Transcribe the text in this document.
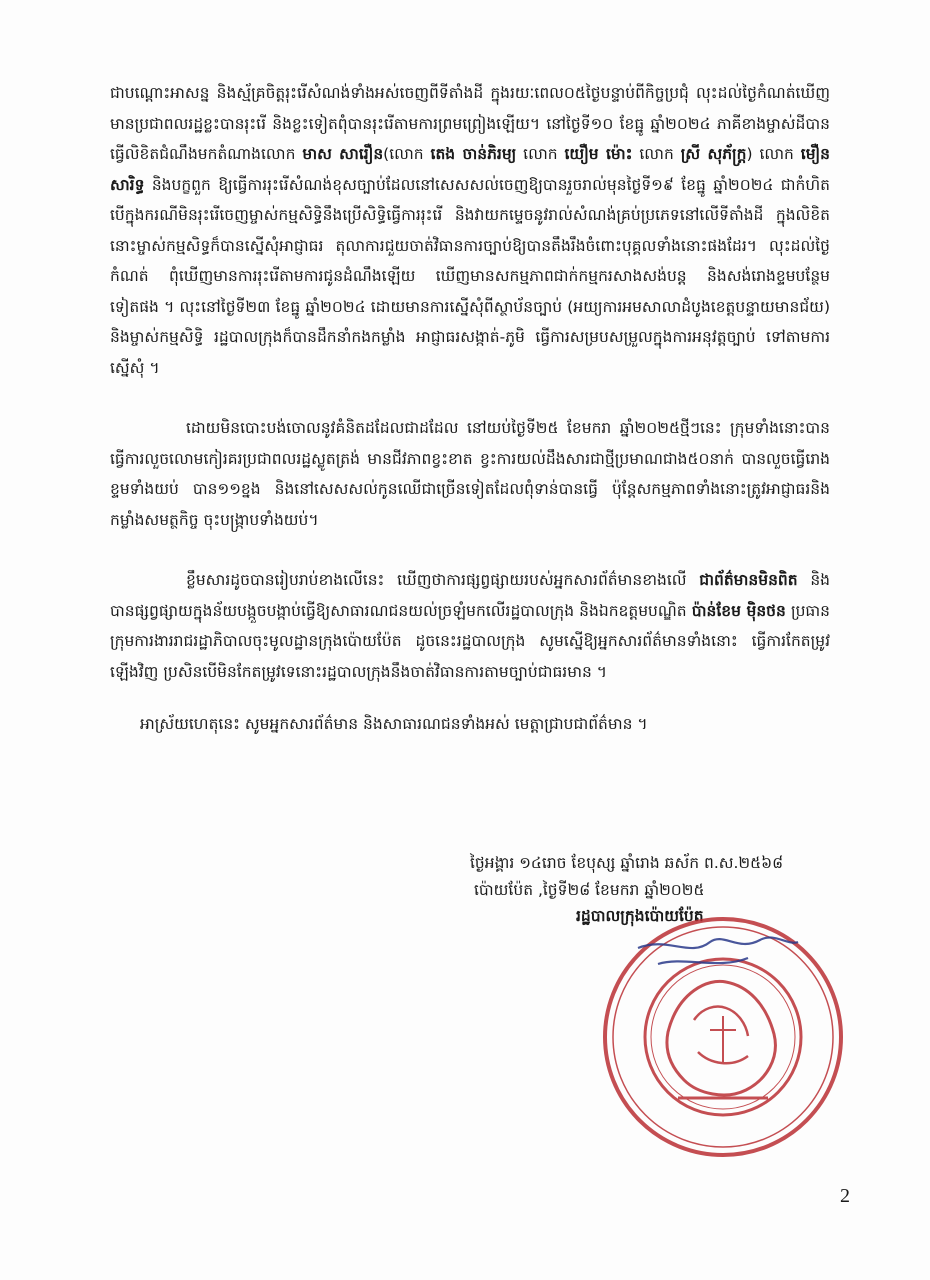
ជាបណ្តោះអាសន្ន និងស្ម័គ្រចិត្តរុះរើសំណង់ទាំងអស់ចេញពីទីតាំងដី ក្នុងរយៈពេល០៥ថ្ងៃបន្ទាប់ពីកិច្ចប្រជុំ លុះដល់ថ្ងៃកំណត់ឃើញមានប្រជាពលរដ្ឋខ្លះបានរុះរើ និងខ្លះទៀតពុំបានរុះរើតាមការព្រមព្រៀងឡើយ។ នៅថ្ងៃទី១០ ខែធ្នូ ឆ្នាំ២០២៤ ភាគីខាងម្ចាស់ដីបានធ្វើលិខិតជំណឹងមកតំណាងលោក មាស សារឿន(លោក តេង ចាន់ភិរម្យ លោក យឿម ម៉ោះ លោក ស្រី សុភ័ក្រ្ត) លោក មឿន សារិទ្ធ និងបក្ខពួក ឱ្យធ្វើការរុះរើសំណង់ខុសច្បាប់ដែលនៅសេសសល់ចេញឱ្យបានរួចរាល់មុនថ្ងៃទី១៩ ខែធ្នូ ឆ្នាំ២០២៤ ជាកំហិត បើក្នុងករណីមិនរុះរើចេញម្ចាស់កម្មសិទ្ធិនឹងប្រើសិទ្ធិធ្វើការរុះរើ និងវាយកម្ទេចនូវរាល់សំណង់គ្រប់ប្រភេទនៅលើទីតាំងដី ក្នុងលិខិតនោះម្ចាស់កម្មសិទ្ធក៏បានស្នើសុំអាជ្ញាធរ តុលាការជួយចាត់វិធានការច្បាប់ឱ្យបានតឹងរឹងចំពោះបុគ្គលទាំងនោះផងដែរ។ លុះដល់ថ្ងៃកំណត់ ពុំឃើញមានការរុះរើតាមការជូនដំណឹងឡើយ ឃើញមានសកម្មភាពជាក់កម្មករសាងសង់បន្ត និងសង់រោងខ្ទមបន្ថែមទៀតផង ។ លុះនៅថ្ងៃទី២៣ ខែធ្នូ ឆ្នាំ២០២៤ ដោយមានការស្នើសុំពីស្ថាប័នច្បាប់ (អយ្យការអមសាលាដំបូងខេត្តបន្ទាយមានជ័យ) និងម្ចាស់កម្មសិទ្ធិ រដ្ឋបាលក្រុងក៏បានដឹកនាំកងកម្លាំង អាជ្ញាធរសង្កាត់-ភូមិ ធ្វើការសម្របសម្រួលក្នុងការអនុវត្តច្បាប់ ទៅតាមការស្នើសុំ ។

ដោយមិនបោះបង់ចោលនូវគំនិតដដែលជាដដែល នៅយប់ថ្ងៃទី២៥ ខែមករា ឆ្នាំ២០២៥ថ្មីៗនេះ ក្រុមទាំងនោះបានធ្វើការលួចលោមកៀរគរប្រជាពលរដ្ឋស្លូតត្រង់ មានជីវភាពខ្វះខាត ខ្វះការយល់ដឹងសារជាថ្មីប្រមាណជាង៥០នាក់ បានលួចធ្វើរោង ខ្ទមទាំងយប់ បាន១១ខ្នង និងនៅសេសសល់កូនឈើជាច្រើនទៀតដែលពុំទាន់បានធ្វើ ប៉ុន្តែសកម្មភាពទាំងនោះត្រូវអាជ្ញាធរនិងកម្លាំងសមត្ថកិច្ច ចុះបង្ក្រាបទាំងយប់។

ខ្លឹមសារដូចបានរៀបរាប់ខាងលើនេះ ឃើញថាការផ្សព្វផ្សាយរបស់អ្នកសារព័ត៌មានខាងលើ ជាព័ត៌មានមិនពិត និងបានផ្សព្វផ្សាយក្នុងន័យបង្កួចបង្កាប់ធ្វើឱ្យសាធារណជនយល់ច្រឡំមកលើរដ្ឋបាលក្រុង និងឯកឧត្តមបណ្ឌិត ប៉ាន់ខែម ម៉ិនថន ប្រធានក្រុមការងាររាជរដ្ឋាភិបាលចុះមូលដ្ឋានក្រុងប៉ោយប៉ែត ដូចនេះរដ្ឋបាលក្រុង សូមស្នើឱ្យអ្នកសារព័ត៌មានទាំងនោះ ធ្វើការកែតម្រូវឡើងវិញ ប្រសិនបើមិនកែតម្រូវទេនោះរដ្ឋបាលក្រុងនឹងចាត់វិធានការតាមច្បាប់ជាធរមាន ។

អាស្រ័យហេតុនេះ សូមអ្នកសារព័ត៌មាន និងសាធារណជនទាំងអស់ មេត្តាជ្រាបជាព័ត៌មាន ។

ថ្ងៃអង្គារ ១៤រោច ខែបុស្ស ឆ្នាំរោង ឆស័ក ព.ស.២៥៦៨
ប៉ោយប៉ែត ,ថ្ងៃទី២៨ ខែមករា ឆ្នាំ២០២៥
រដ្ឋបាលក្រុងប៉ោយប៉ែត
2
